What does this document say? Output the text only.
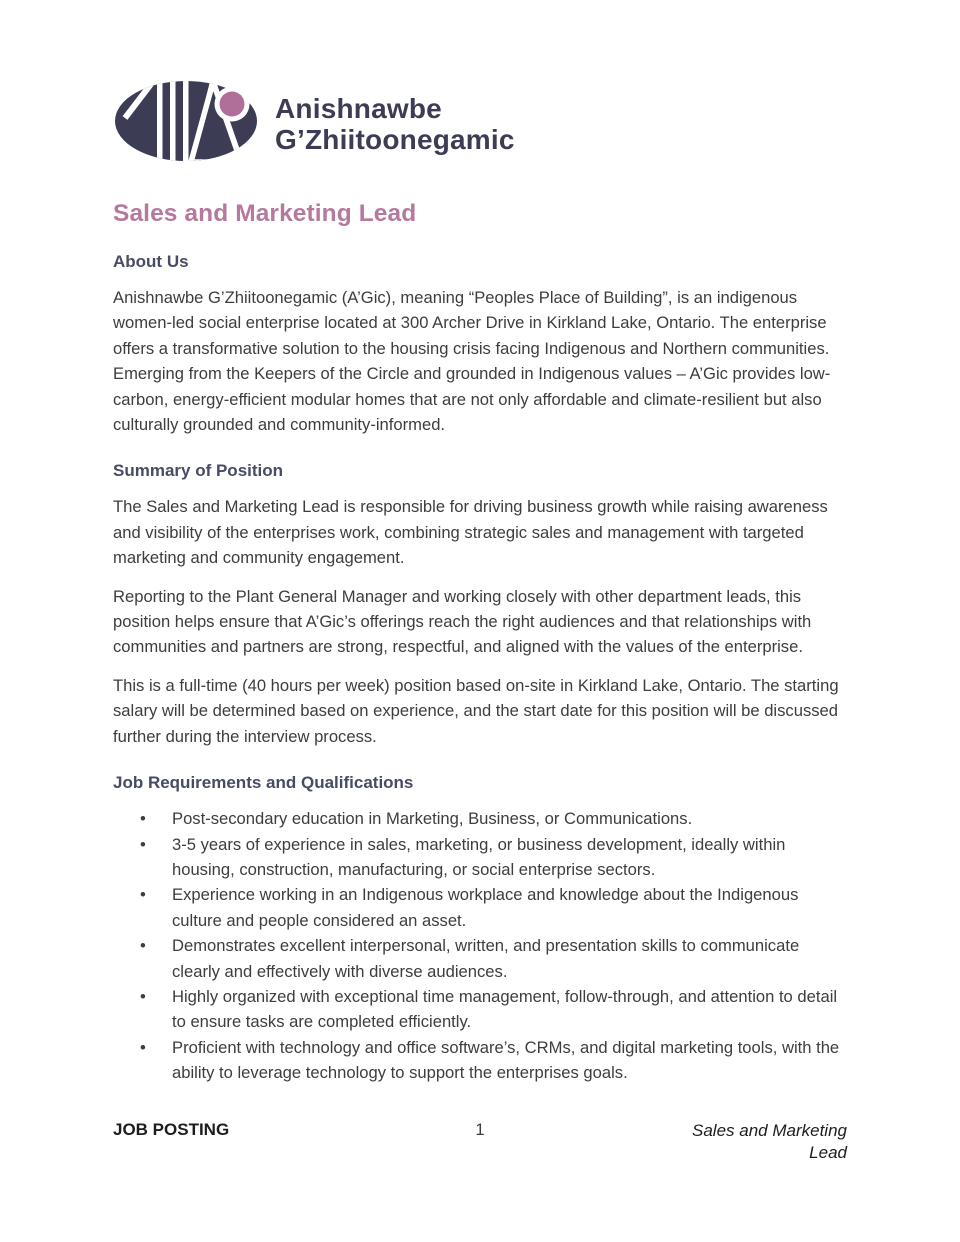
Anishnawbe
G’Zhiitoonegamic
Sales and Marketing Lead
About Us

Anishnawbe G’Zhiitoonegamic (A’Gic), meaning “Peoples Place of Building”, is an indigenous women-led social enterprise located at 300 Archer Drive in Kirkland Lake, Ontario. The enterprise offers a transformative solution to the housing crisis facing Indigenous and Northern communities. Emerging from the Keepers of the Circle and grounded in Indigenous values – A’Gic provides low-carbon, energy-efficient modular homes that are not only affordable and climate-resilient but also culturally grounded and community-informed.

Summary of Position

The Sales and Marketing Lead is responsible for driving business growth while raising awareness and visibility of the enterprises work, combining strategic sales and management with targeted marketing and community engagement.

Reporting to the Plant General Manager and working closely with other department leads, this position helps ensure that A’Gic’s offerings reach the right audiences and that relationships with communities and partners are strong, respectful, and aligned with the values of the enterprise.

This is a full-time (40 hours per week) position based on-site in Kirkland Lake, Ontario. The starting salary will be determined based on experience, and the start date for this position will be discussed further during the interview process.

Job Requirements and Qualifications
•	Post-secondary education in Marketing, Business, or Communications.
•	3-5 years of experience in sales, marketing, or business development, ideally within housing, construction, manufacturing, or social enterprise sectors.
•	Experience working in an Indigenous workplace and knowledge about the Indigenous culture and people considered an asset.
•	Demonstrates excellent interpersonal, written, and presentation skills to communicate clearly and effectively with diverse audiences.
•	Highly organized with exceptional time management, follow-through, and attention to detail to ensure tasks are completed efficiently.
•	Proficient with technology and office software’s, CRMs, and digital marketing tools, with the ability to leverage technology to support the enterprises goals.
JOB POSTING	1	Sales and Marketing Lead
